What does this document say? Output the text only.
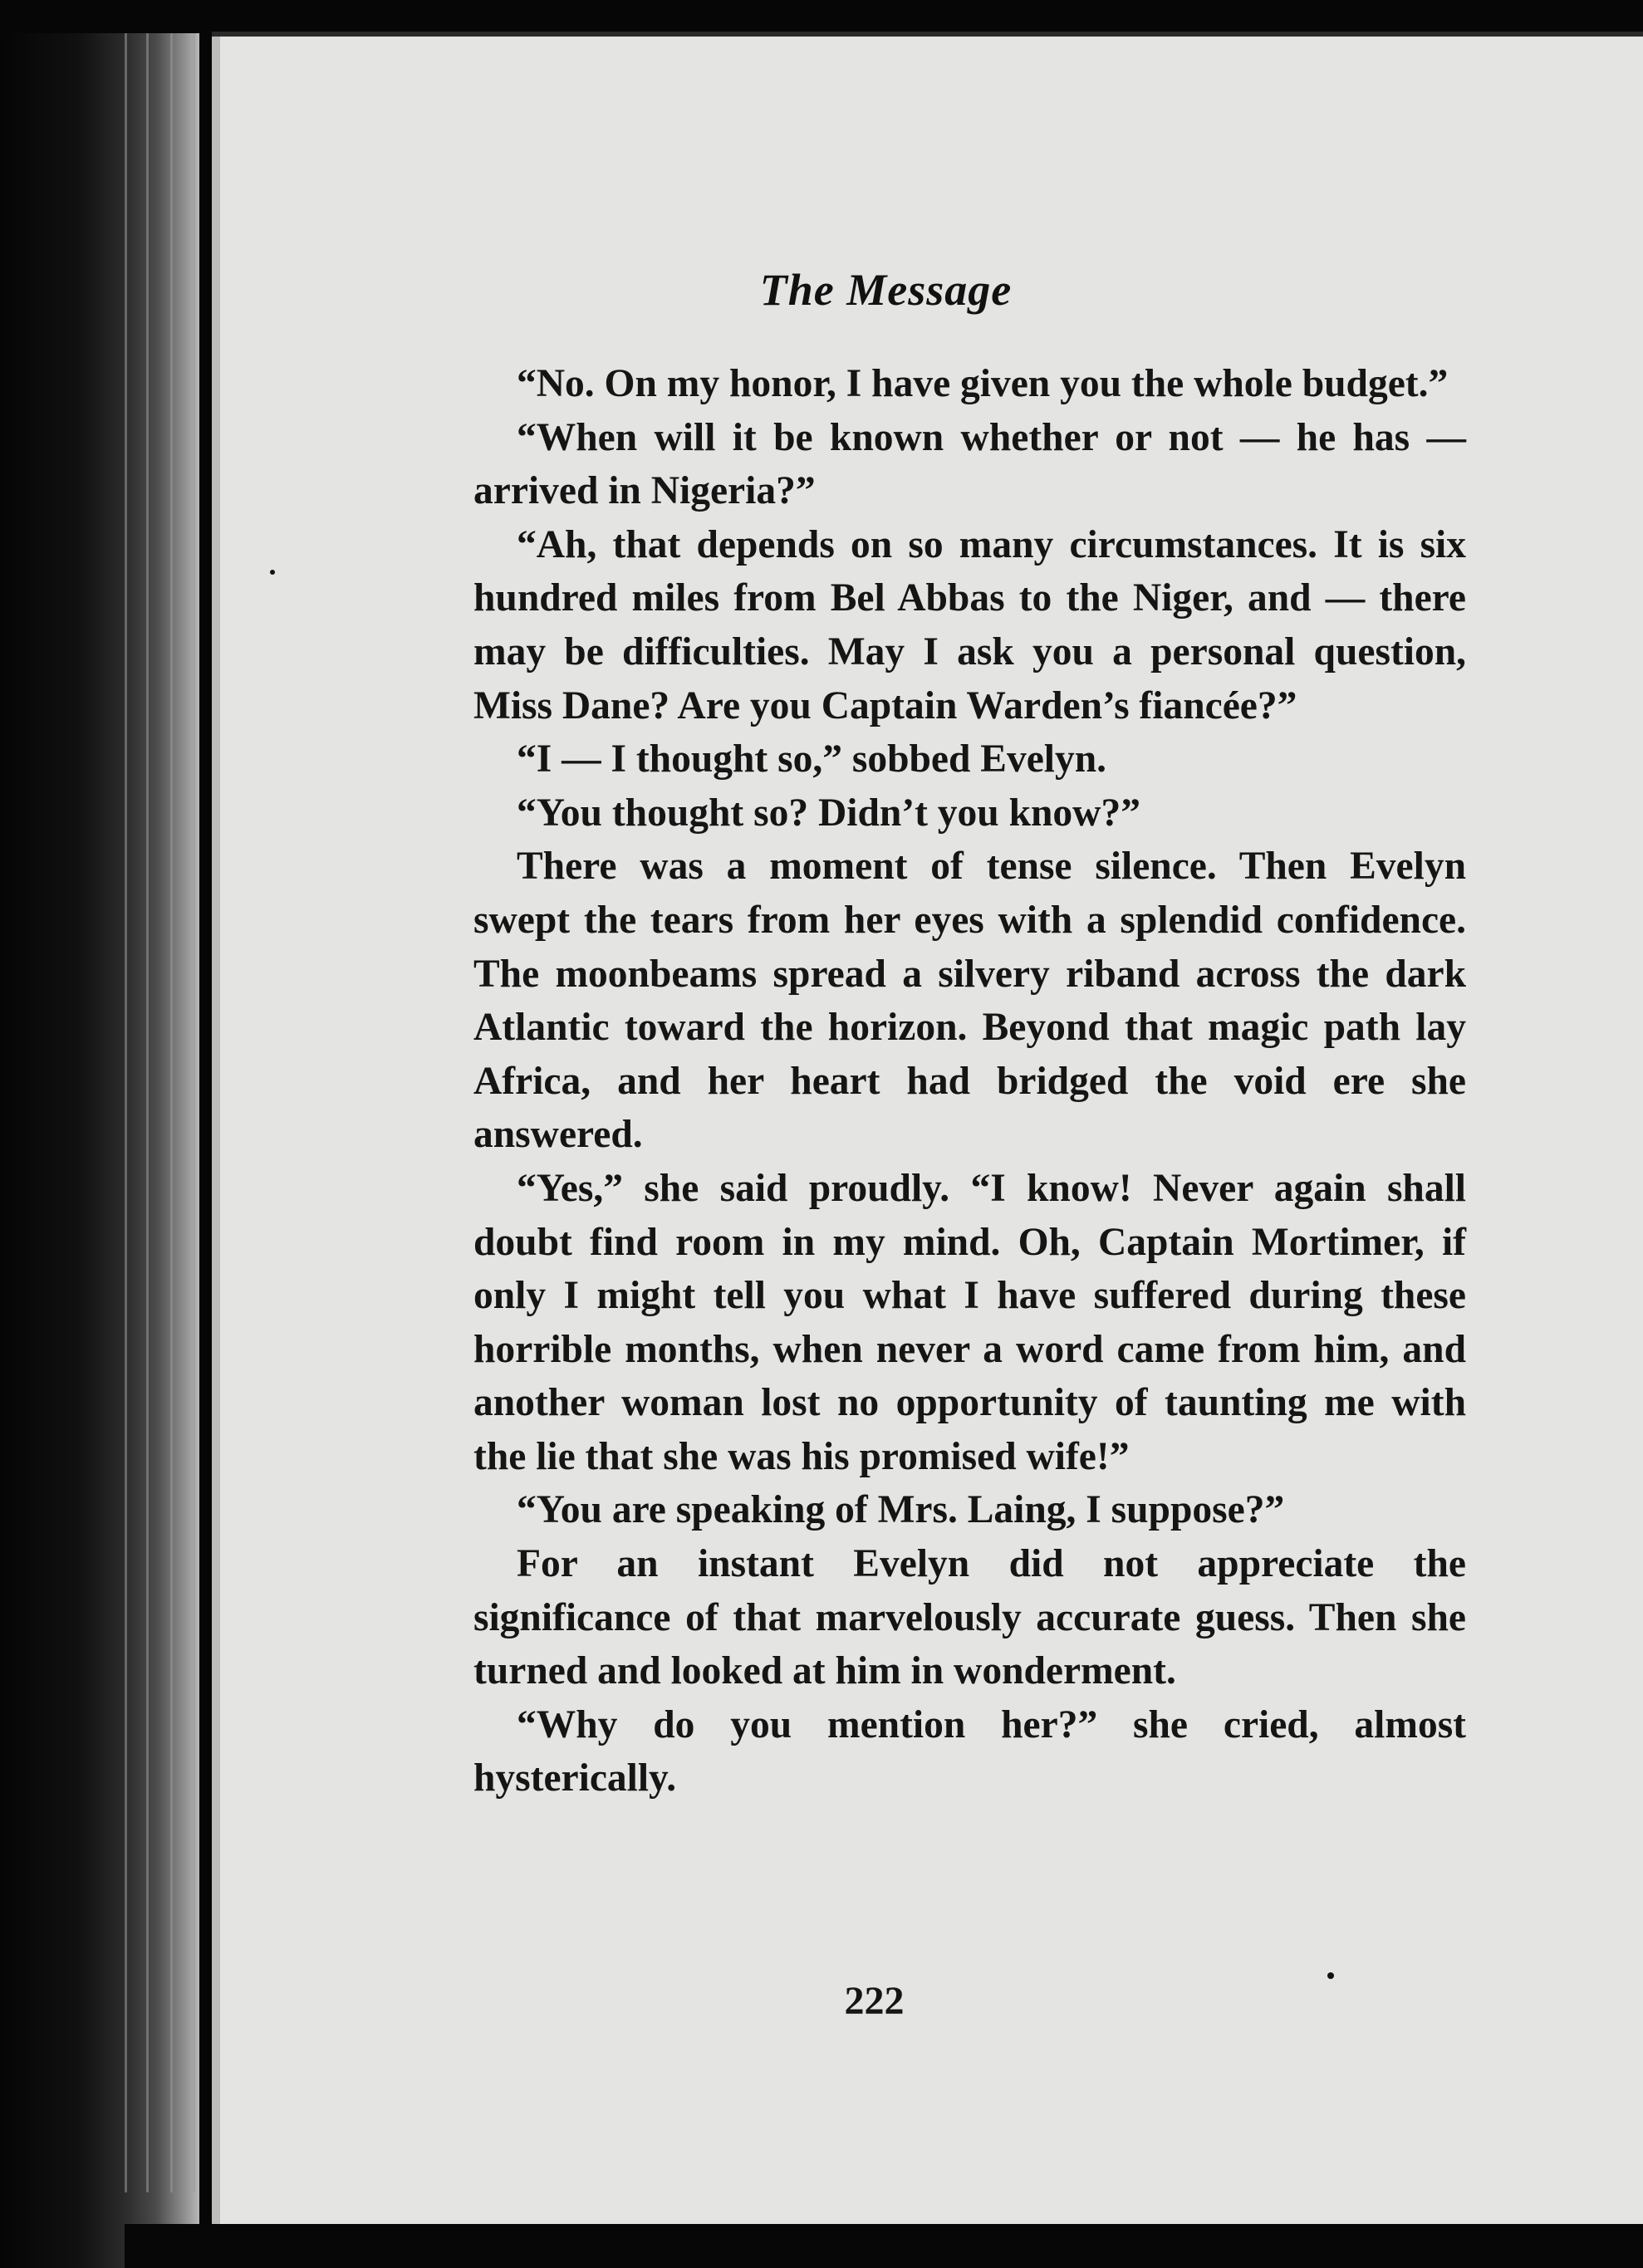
The Message

“No. On my honor, I have given you the whole budget.”

“When will it be known whether or not — he has — arrived in Nigeria?”

“Ah, that depends on so many circumstances. It is six hundred miles from Bel Abbas to the Niger, and — there may be difficulties. May I ask you a personal question, Miss Dane? Are you Captain Warden’s fiancée?”

“I — I thought so,” sobbed Evelyn.

“You thought so? Didn’t you know?”

There was a moment of tense silence. Then Evelyn swept the tears from her eyes with a splendid confidence. The moonbeams spread a silvery riband across the dark Atlantic toward the horizon. Beyond that magic path lay Africa, and her heart had bridged the void ere she answered.

“Yes,” she said proudly. “I know! Never again shall doubt find room in my mind. Oh, Captain Mortimer, if only I might tell you what I have suffered during these horrible months, when never a word came from him, and another woman lost no opportunity of taunting me with the lie that she was his promised wife!”

“You are speaking of Mrs. Laing, I suppose?”

For an instant Evelyn did not appreciate the significance of that marvelously accurate guess. Then she turned and looked at him in wonderment.

“Why do you mention her?” she cried, almost hysterically.

222
